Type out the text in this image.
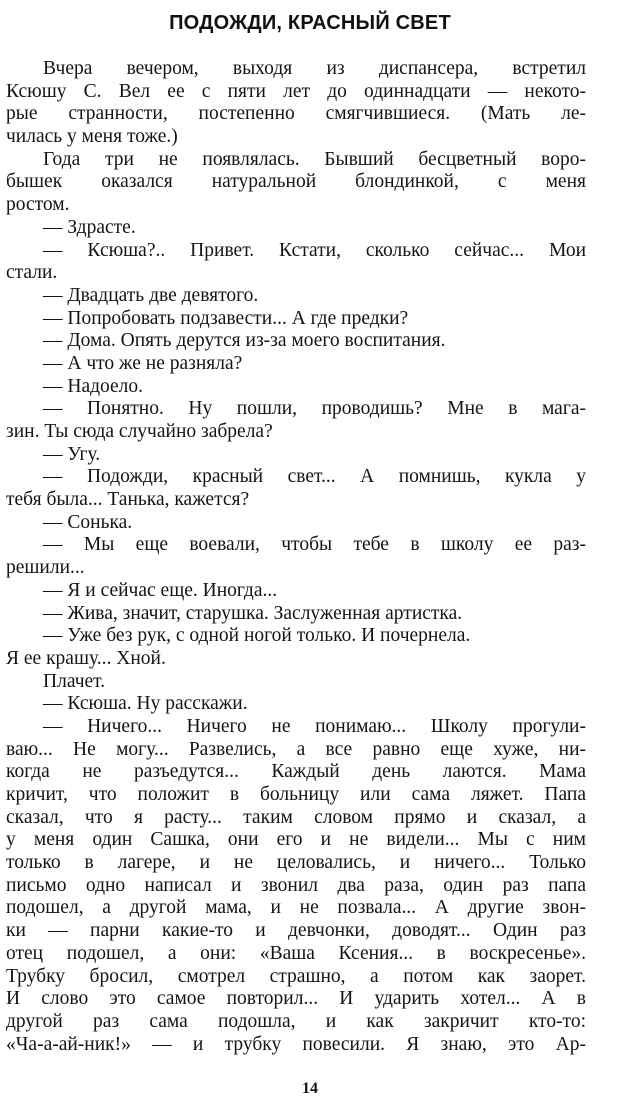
ПОДОЖДИ, КРАСНЫЙ СВЕТ
Вчера вечером, выходя из диспансера, встретил
Ксюшу С. Вел ее с пяти лет до одиннадцати — некото-
рые странности, постепенно смягчившиеся. (Мать ле-
чилась у меня тоже.)
Года три не появлялась. Бывший бесцветный воро-
бышек оказался натуральной блондинкой, с меня
ростом.
— Здрасте.
— Ксюша?.. Привет. Кстати, сколько сейчас... Мои
стали.
— Двадцать две девятого.
— Попробовать подзавести... А где предки?
— Дома. Опять дерутся из-за моего воспитания.
— А что же не разняла?
— Надоело.
— Понятно. Ну пошли, проводишь? Мне в мага-
зин. Ты сюда случайно забрела?
— Угу.
— Подожди, красный свет... А помнишь, кукла у
тебя была... Танька, кажется?
— Сонька.
— Мы еще воевали, чтобы тебе в школу ее раз-
решили...
— Я и сейчас еще. Иногда...
— Жива, значит, старушка. Заслуженная артистка.
— Уже без рук, с одной ногой только. И почернела.
Я ее крашу... Хной.
Плачет.
— Ксюша. Ну расскажи.
— Ничего... Ничего не понимаю... Школу прогули-
ваю... Не могу... Развелись, а все равно еще хуже, ни-
когда не разъедутся... Каждый день лаются. Мама
кричит, что положит в больницу или сама ляжет. Папа
сказал, что я расту... таким словом прямо и сказал, а
у меня один Сашка, они его и не видели... Мы с ним
только в лагере, и не целовались, и ничего... Только
письмо одно написал и звонил два раза, один раз папа
подошел, а другой мама, и не позвала... А другие звон-
ки — парни какие-то и девчонки, доводят... Один раз
отец подошел, а они: «Ваша Ксения... в воскресенье».
Трубку бросил, смотрел страшно, а потом как заорет.
И слово это самое повторил... И ударить хотел... А в
другой раз сама подошла, и как закричит кто-то:
«Ча-а-ай-ник!» — и трубку повесили. Я знаю, это Ар-
14
